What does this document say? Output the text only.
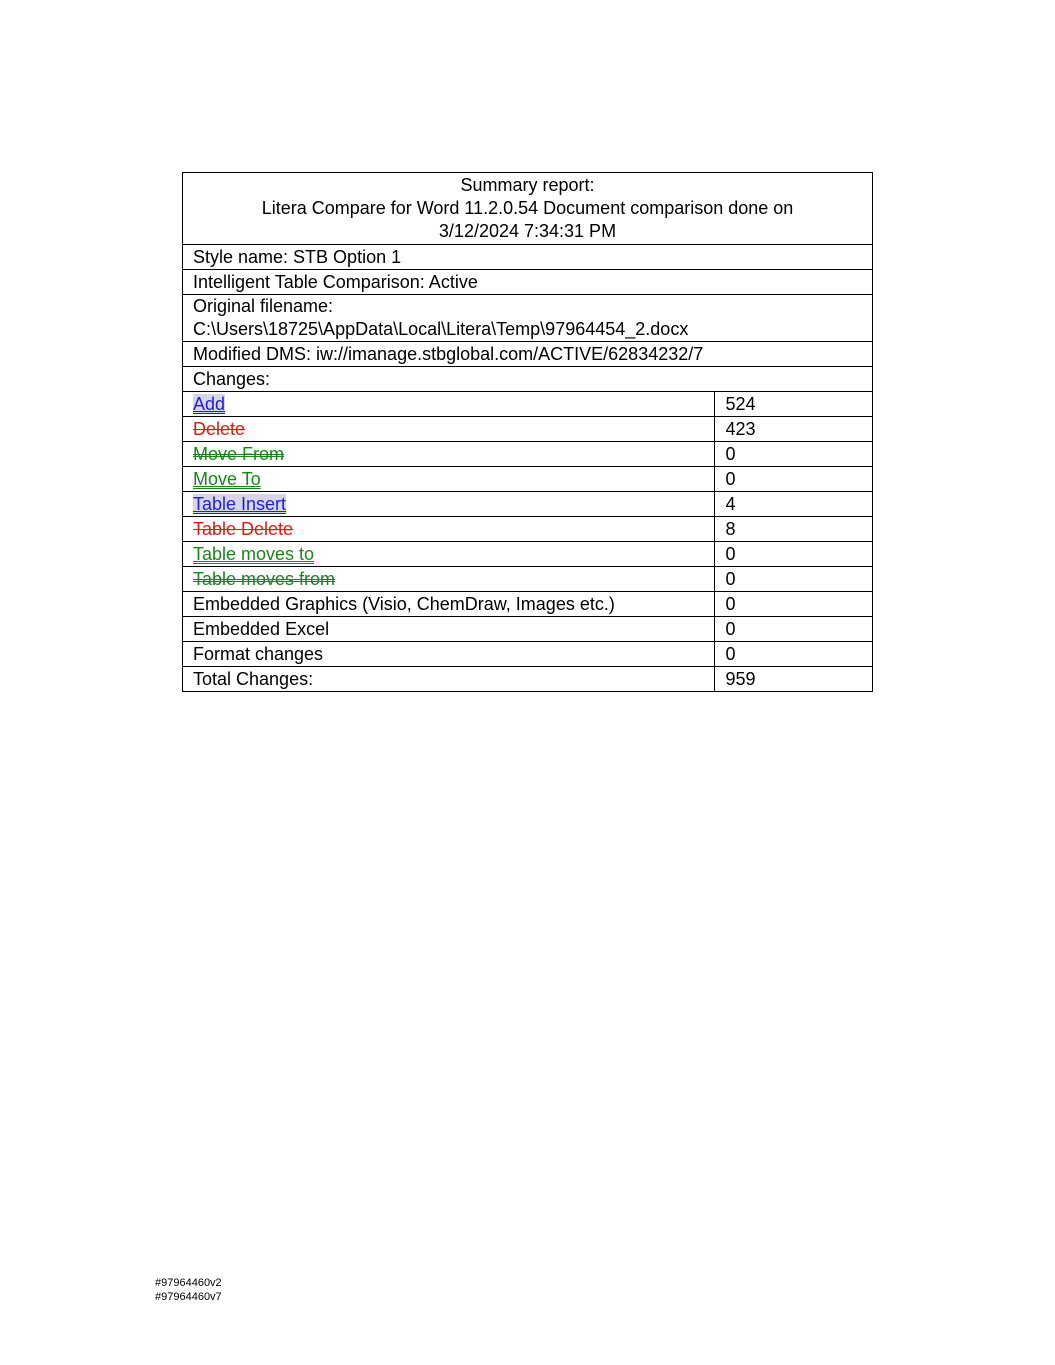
Summary report:
Litera Compare for Word 11.2.0.54 Document comparison done on
3/12/2024 7:34:31 PM	

Style name: STB Option 1	
Intelligent Table Comparison: Active	

Original filename:
C:\Users\18725\AppData\Local\Litera\Temp\97964454_2.docx	

Modified DMS: iw://imanage.stbglobal.com/ACTIVE/62834232/7	
Changes:	
Add	524
Delete	423
Move From	0
Move To	0
Table Insert	4
Table Delete	8
Table moves to	0
Table moves from	0
Embedded Graphics (Visio, ChemDraw, Images etc.)	0
Embedded Excel	0
Format changes	0
Total Changes:	959
#97964460v2
#97964460v7
